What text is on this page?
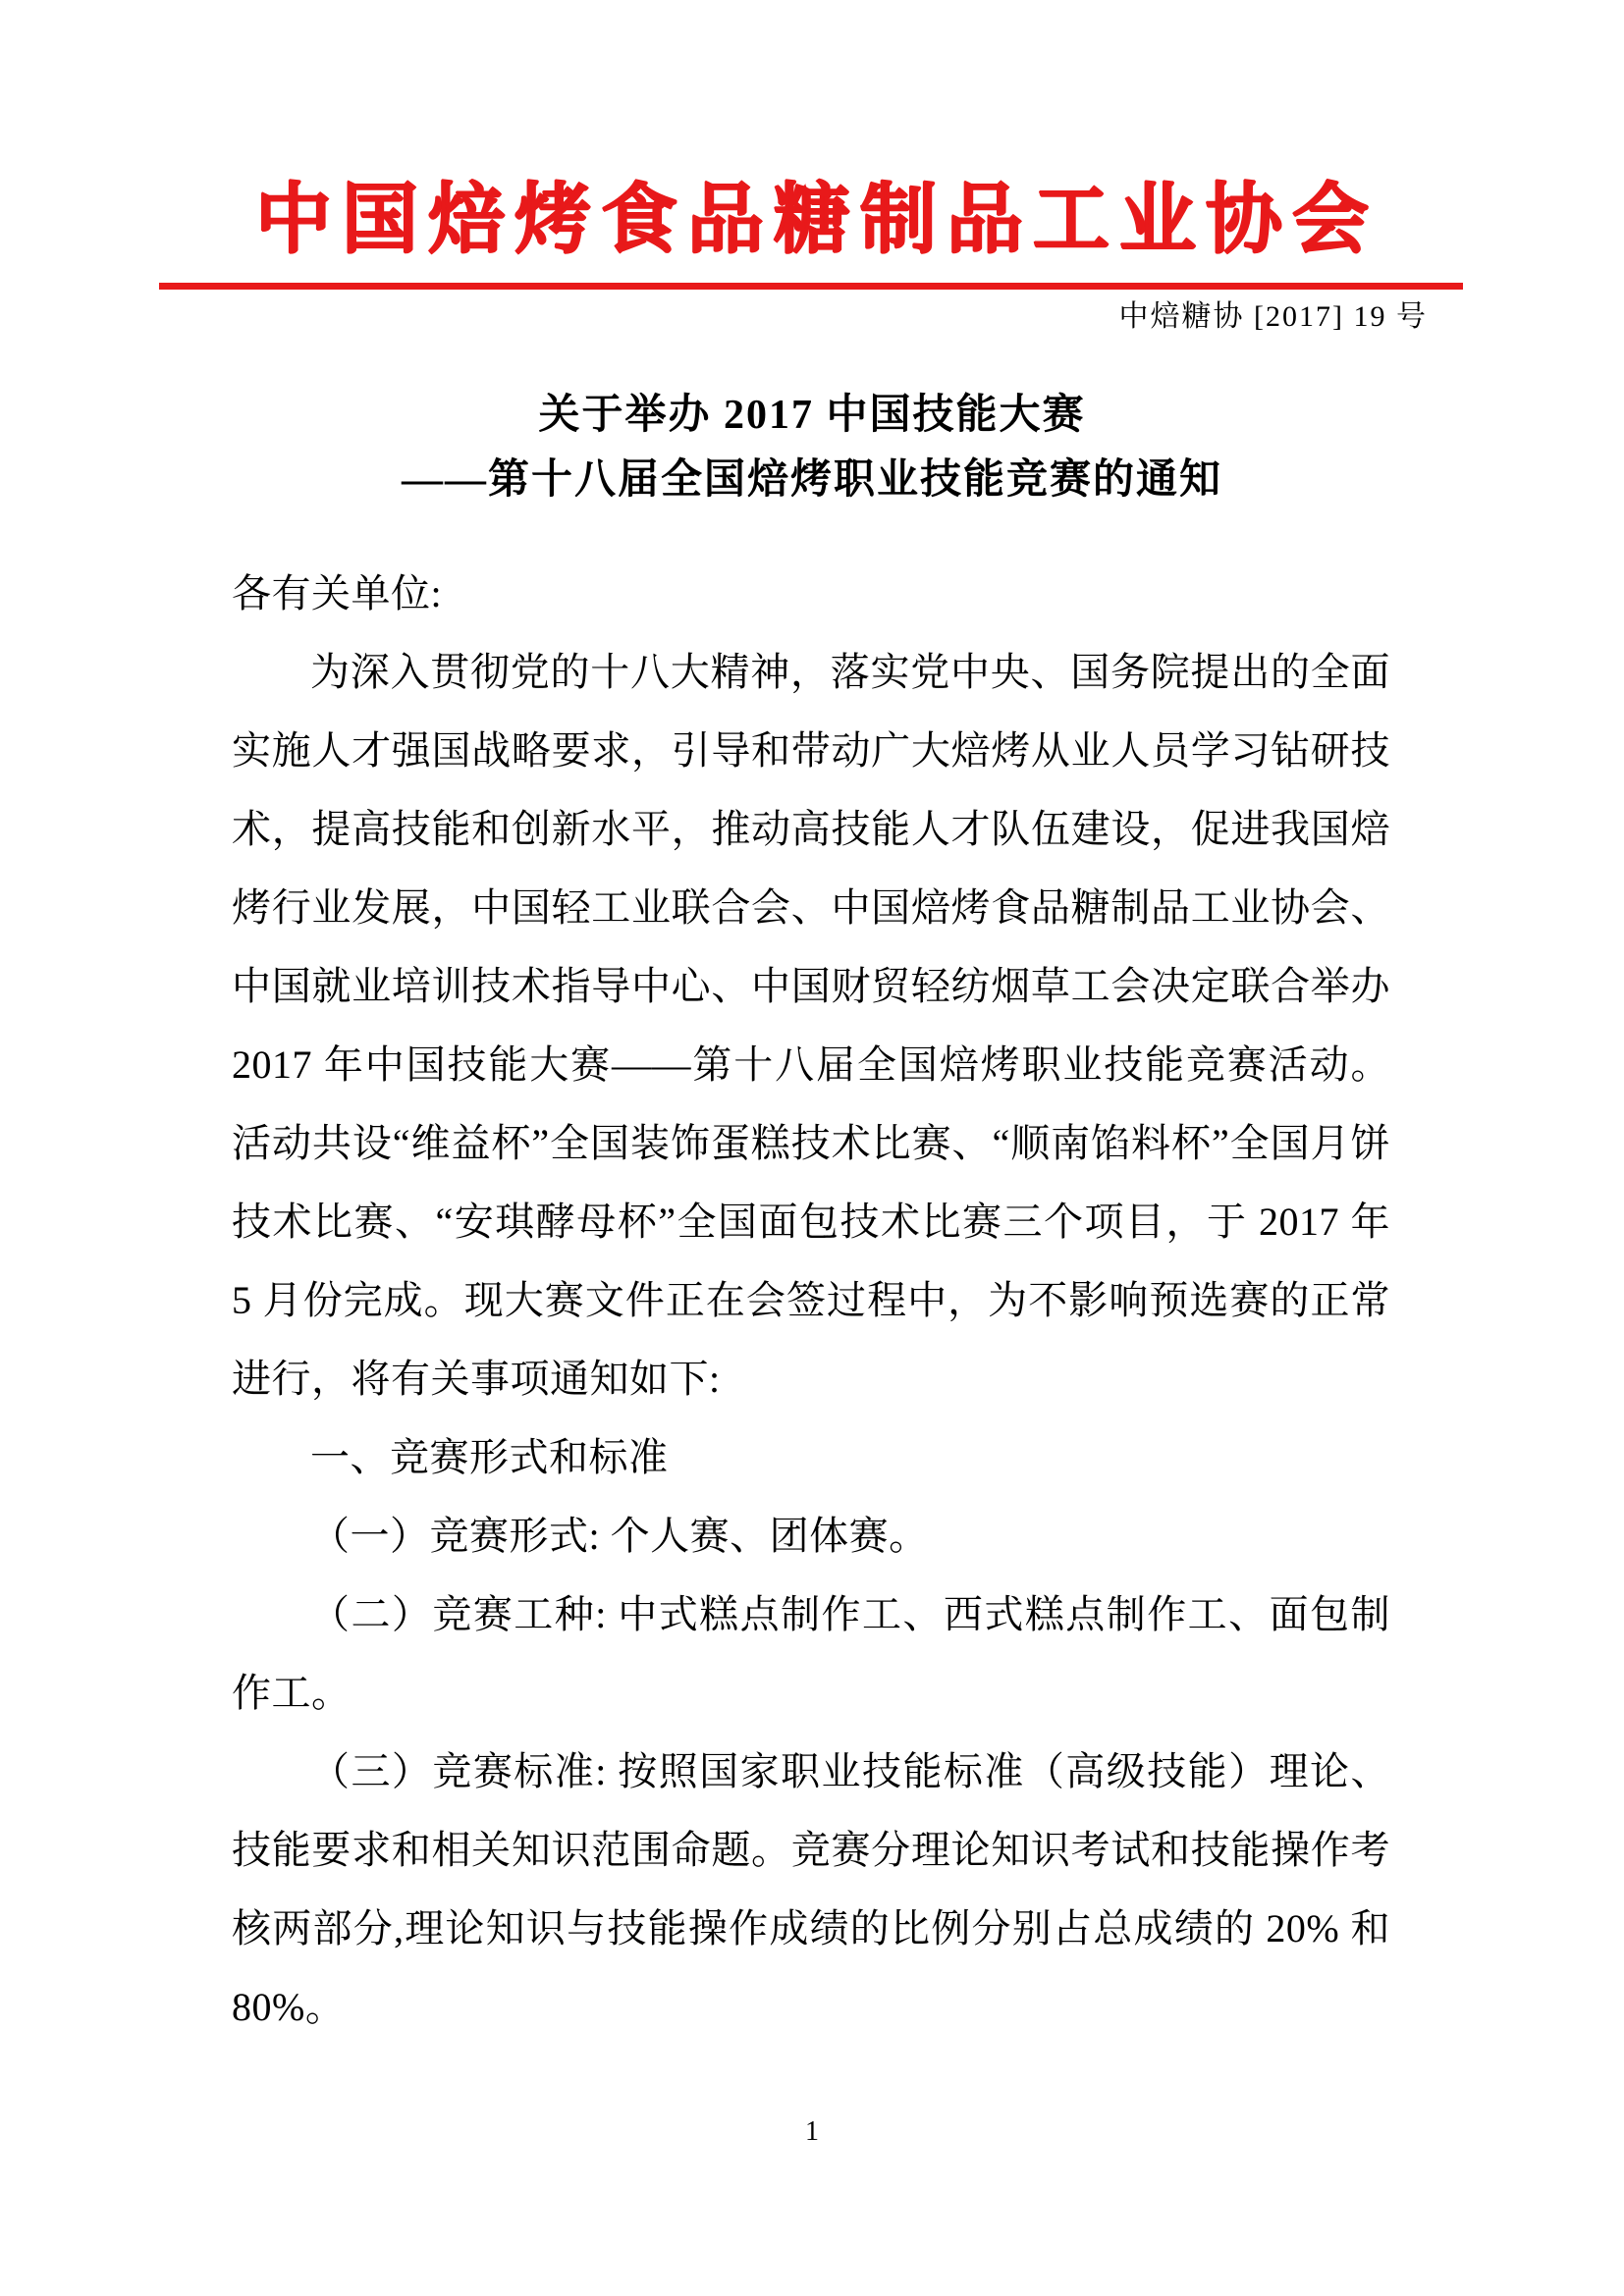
中国焙烤食品糖制品工业协会
中焙糖协 [2017] 19 号
关于举办 2017 中国技能大赛
——第十八届全国焙烤职业技能竞赛的通知

各有关单位:

为深入贯彻党的十八大精神，落实党中央、国务院提出的全面实施人才强国战略要求，引导和带动广大焙烤从业人员学习钻研技术，提高技能和创新水平，推动高技能人才队伍建设，促进我国焙烤行业发展，中国轻工业联合会、中国焙烤食品糖制品工业协会、中国就业培训技术指导中心、中国财贸轻纺烟草工会决定联合举办 2017 年中国技能大赛——第十八届全国焙烤职业技能竞赛活动。活动共设“维益杯”全国装饰蛋糕技术比赛、“顺南馅料杯”全国月饼技术比赛、“安琪酵母杯”全国面包技术比赛三个项目，于 2017 年 5 月份完成。现大赛文件正在会签过程中，为不影响预选赛的正常进行，将有关事项通知如下:

一、竞赛形式和标准

（一）竞赛形式: 个人赛、团体赛。

（二）竞赛工种: 中式糕点制作工、西式糕点制作工、面包制作工。

（三）竞赛标准: 按照国家职业技能标准（高级技能）理论、技能要求和相关知识范围命题。竞赛分理论知识考试和技能操作考核两部分,理论知识与技能操作成绩的比例分别占总成绩的 20% 和 80%。

1
